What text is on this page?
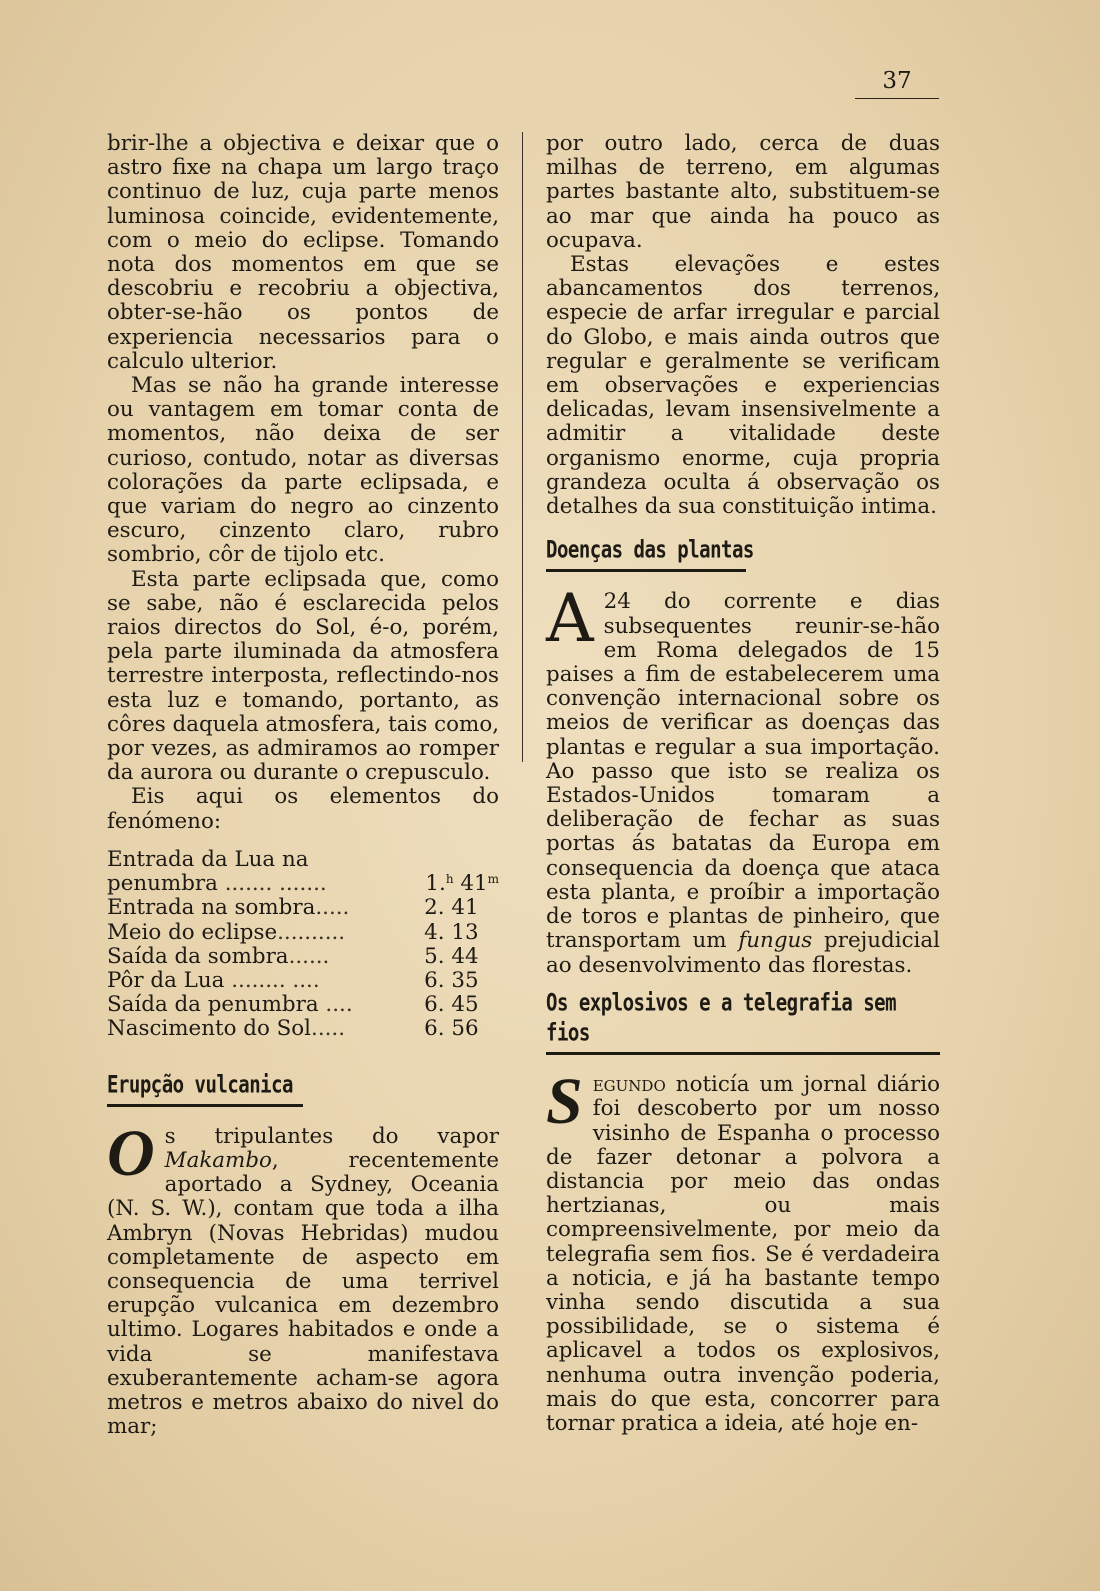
37

brir-lhe a objectiva e deixar que o astro fixe na chapa um largo traço continuo de luz, cuja parte menos luminosa coincide, evidentemente, com o meio do eclipse. Tomando nota dos momentos em que se descobriu e recobriu a objectiva, obter-se-hão os pontos de experiencia necessarios para o calculo ulterior.

Mas se não ha grande interesse ou vantagem em tomar conta de momentos, não deixa de ser curioso, contudo, notar as diversas colorações da parte eclipsada, e que variam do negro ao cinzento escuro, cinzento claro, rubro sombrio, côr de tijolo etc.

Esta parte eclipsada que, como se sabe, não é esclarecida pelos raios directos do Sol, é-o, porém, pela parte iluminada da atmosfera terrestre interposta, reflectindo-nos esta luz e tomando, portanto, as côres daquela atmosfera, tais como, por vezes, as admiramos ao romper da aurora ou durante o crepusculo.

Eis aqui os elementos do fenómeno:

Entrada da Lua na penumbra ....... .......	1.$^h$ 41$^m$
Entrada na sombra.....	2. 41
Meio do eclipse..........	4. 13
Saída da sombra......	5. 44
Pôr da Lua ........ ....	6. 35
Saída da penumbra ....	6. 45
Nascimento do Sol.....	6. 56
Erupção vulcanica

Os tripulantes do vapor Makambo, recentemente aportado a Sydney, Oceania (N. S. W.), contam que toda a ilha Ambryn (Novas Hebridas) mudou completamente de aspecto em consequencia de uma terrivel erupção vulcanica em dezembro ultimo. Logares habitados e onde a vida se manifestava exuberantemente acham-se agora metros e metros abaixo do nivel do mar;

por outro lado, cerca de duas milhas de terreno, em algumas partes bastante alto, substituem-se ao mar que ainda ha pouco as ocupava.

Estas elevações e estes abancamentos dos terrenos, especie de arfar irregular e parcial do Globo, e mais ainda outros que regular e geralmente se verificam em observações e experiencias delicadas, levam insensivelmente a admitir a vitalidade deste organismo enorme, cuja propria grandeza oculta á observação os detalhes da sua constituição intima.

Doenças das plantas

A 24 do corrente e dias subsequentes reunir-se-hão em Roma delegados de 15 paises a fim de estabelecerem uma convenção internacional sobre os meios de verificar as doenças das plantas e regular a sua importação. Ao passo que isto se realiza os Estados-Unidos tomaram a deliberação de fechar as suas portas ás batatas da Europa em consequencia da doença que ataca esta planta, e proíbir a importação de toros e plantas de pinheiro, que transportam um fungus prejudicial ao desenvolvimento das florestas.

Os explosivos e a telegrafia sem fios

Segundo noticía um jornal diário foi descoberto por um nosso visinho de Espanha o processo de fazer detonar a polvora a distancia por meio das ondas hertzianas, ou mais compreensivelmente, por meio da telegrafia sem fios. Se é verdadeira a noticia, e já ha bastante tempo vinha sendo discutida a sua possibilidade, se o sistema é aplicavel a todos os explosivos, nenhuma outra invenção poderia, mais do que esta, concorrer para tornar pratica a ideia, até hoje en-
